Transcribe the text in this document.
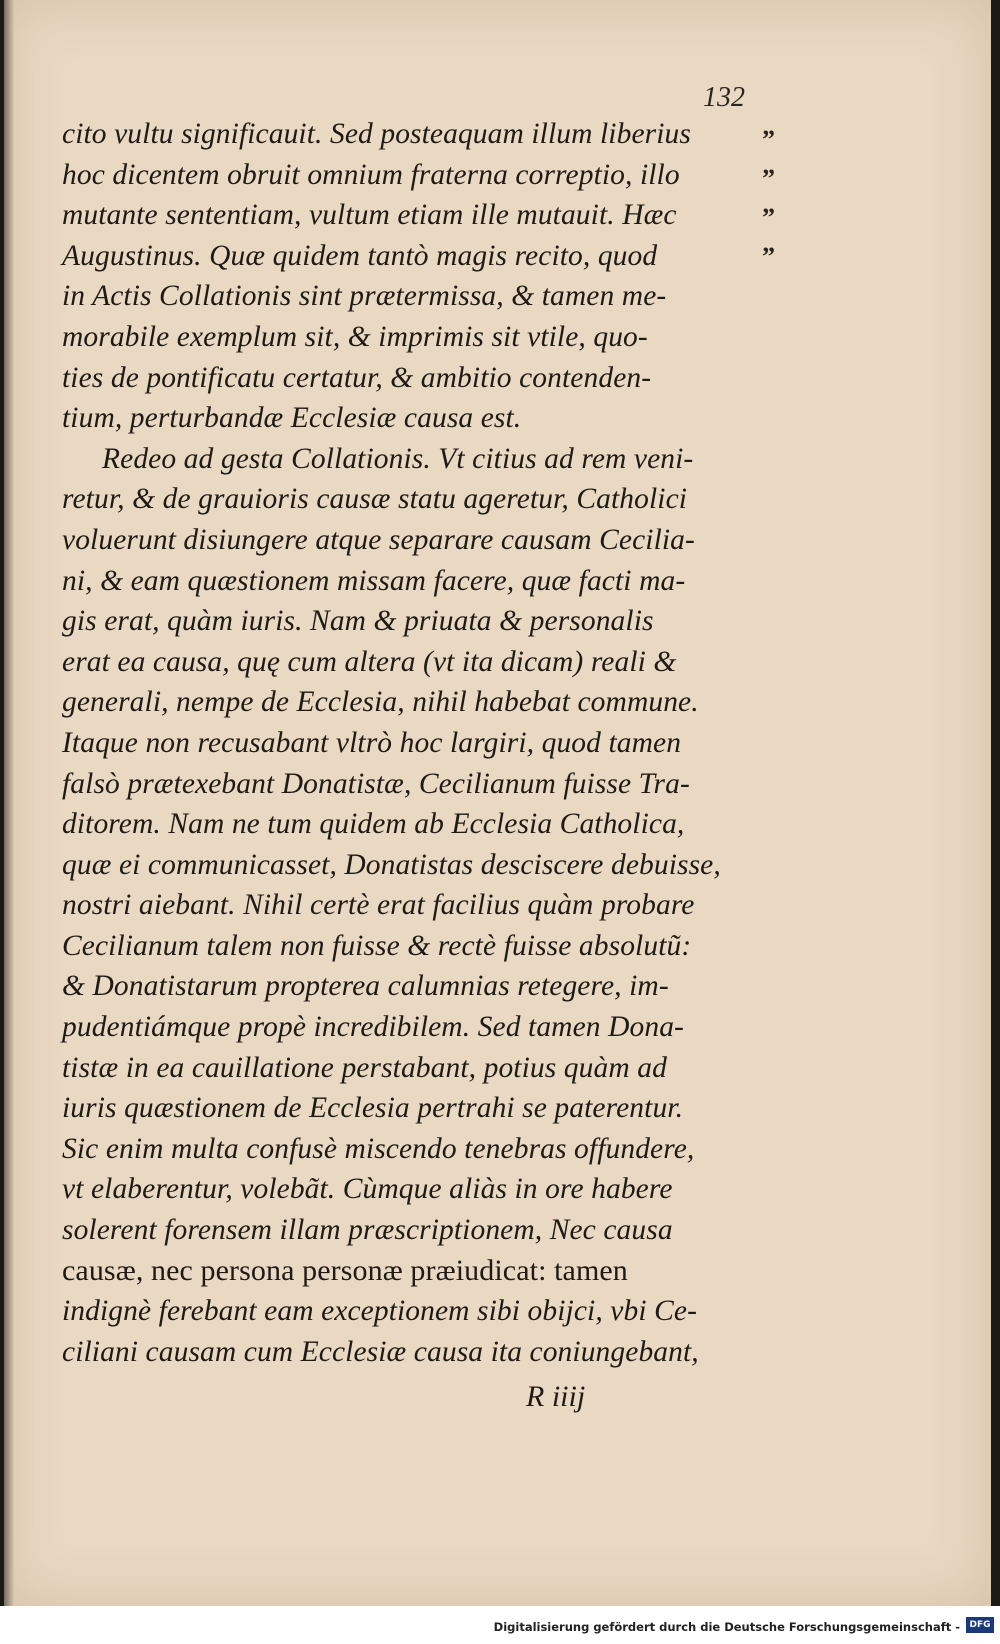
132
”
”
”
”
cito vultu significauit. Sed posteaquam illum liberius
hoc dicentem obruit omnium fraterna correptio, illo
mutante sententiam, vultum etiam ille mutauit. Hæc
Augustinus. Quæ quidem tantò magis recito, quod
in Actis Collationis sint prætermissa, & tamen me-
morabile exemplum sit, & imprimis sit vtile, quo-
ties de pontificatu certatur, & ambitio contenden-
tium, perturbandæ Ecclesiæ causa est.
Redeo ad gesta Collationis. Vt citius ad rem veni-
retur, & de grauioris causæ statu ageretur, Catholici
voluerunt disiungere atque separare causam Ceciliа-
ni, & eam quæstionem missam facere, quæ facti ma-
gis erat, quàm iuris. Nam & priuata & personalis
erat ea causa, quę cum altera (vt ita dicam) reali &
generali, nempe de Ecclesia, nihil habebat commune.
Itaque non recusabant vltrò hoc largiri, quod tamen
falsò prætexebant Donatistæ, Cecilianum fuisse Tra-
ditorem. Nam ne tum quidem ab Ecclesia Catholica,
quæ ei communicasset, Donatistas desciscere debuisse,
nostri aiebant. Nihil certè erat facilius quàm probare
Cecilianum talem non fuisse & rectè fuisse absolutũ:
& Donatistarum propterea calumnias retegere, im-
pudentiámque propè incredibilem. Sed tamen Dona-
tistæ in ea cauillatione perstabant, potius quàm ad
iuris quæstionem de Ecclesia pertrahi se paterentur.
Sic enim multa confusè miscendo tenebras offundere,
vt elaberentur, volebãt. Cùmque aliàs in ore habere
solerent forensem illam præscriptionem, Nec causa
causæ, nec persona personæ præiudicat: tamen
indignè ferebant eam exceptionem sibi obijci, vbi Ce-
ciliani causam cum Ecclesiæ causa ita coniungebant,
R iiij
Digitalisierung gefördert durch die Deutsche Forschungsgemeinschaft -	DFG
